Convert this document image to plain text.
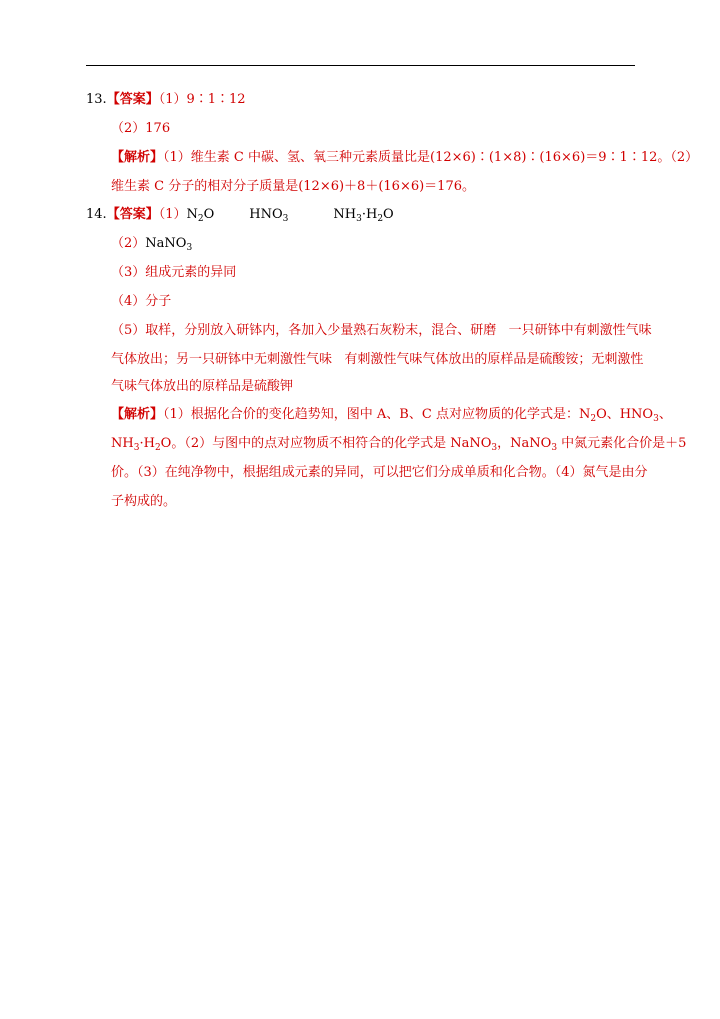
13.【答案】（1）9∶1∶12
（2）176
【解析】（1）维生素 C 中碳、氢、氧三种元素质量比是(12×6)∶(1×8)∶(16×6)＝9∶1∶12。（2）
维生素 C 分子的相对分子质量是(12×6)＋8＋(16×6)＝176。
14.【答案】$(1)N_2O$	$HNO_3$	$NH_3\cdot H_2O$
（2）NaNO$_3$
（3）组成元素的异同
（4）分子
（5）取样，分别放入研钵内，各加入少量熟石灰粉末，混合、研磨   一只研钵中有刺激性气味
气体放出；另一只研钵中无刺激性气味   有刺激性气味气体放出的原样品是硫酸铵；无刺激性
气味气体放出的原样品是硫酸钾
【解析】（1）根据化合价的变化趋势知，图中 A、B、C 点对应物质的化学式是：$N_2O$、$HNO_3$、
$NH_3\cdot H_2O$。（2）与图中的点对应物质不相符合的化学式是 NaNO$_3$，NaNO$_3$ 中氮元素化合价是＋5
价。（3）在纯净物中，根据组成元素的异同，可以把它们分成单质和化合物。（4）氮气是由分
子构成的。
